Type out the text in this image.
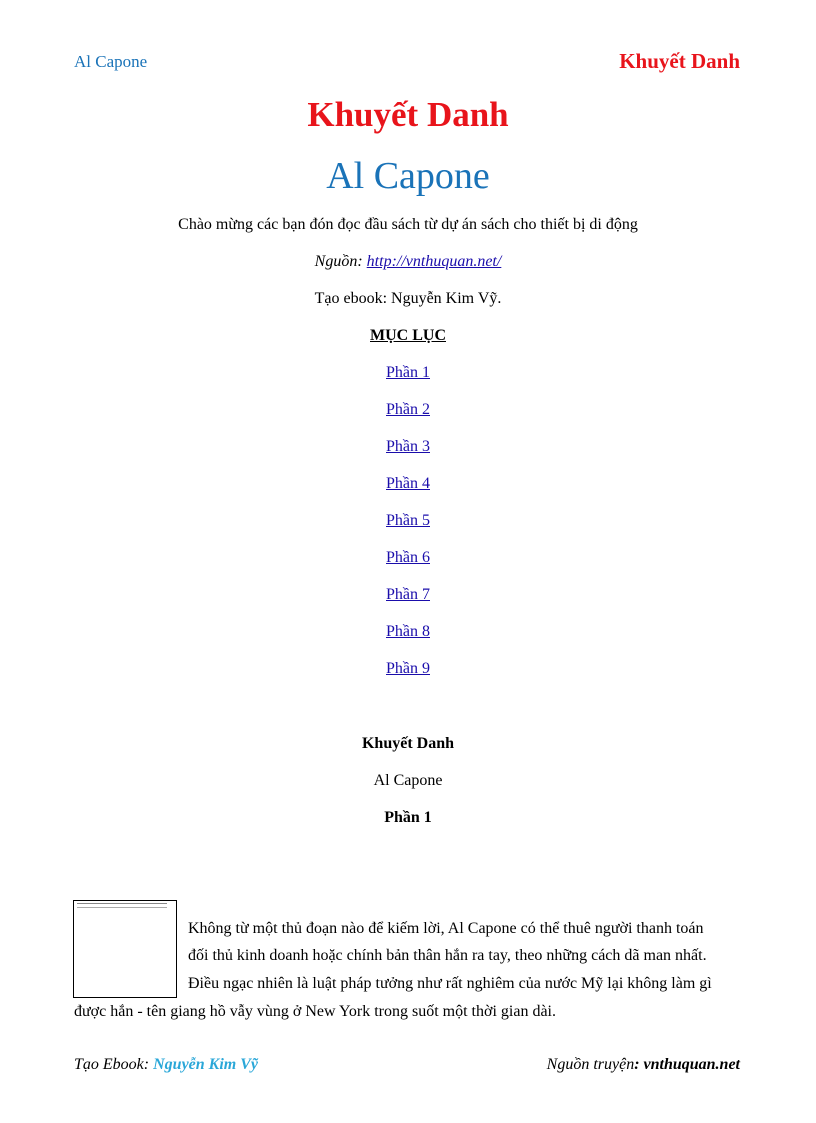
Al Capone	Khuyết Danh
Khuyết Danh
Al Capone
Chào mừng các bạn đón đọc đầu sách từ dự án sách cho thiết bị di động
Nguồn: http://vnthuquan.net/
Tạo ebook: Nguyễn Kim Vỹ.
MỤC LỤC
Phần 1
Phần 2
Phần 3
Phần 4
Phần 5
Phần 6
Phần 7
Phần 8
Phần 9
Khuyết Danh
Al Capone
Phần 1
Không từ một thủ đoạn nào để kiếm lời, Al Capone có thể thuê người thanh toán
đối thủ kinh doanh hoặc chính bản thân hắn ra tay, theo những cách dã man nhất.
Điều ngạc nhiên là luật pháp tưởng như rất nghiêm của nước Mỹ lại không làm gì
được hắn - tên giang hồ vẫy vùng ở New York trong suốt một thời gian dài.
Tạo Ebook: Nguyễn Kim Vỹ	Nguồn truyện: vnthuquan.net
